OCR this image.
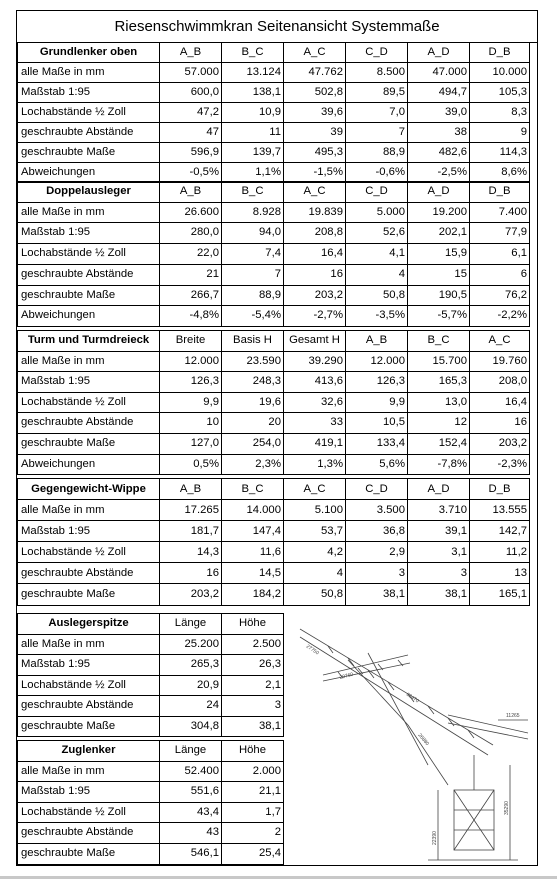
Riesenschwimmkran Seitenansicht Systemmaße
Grundlenker oben	A_B	B_C	A_C	C_D	A_D	D_B
alle Maße in mm	57.000	13.124	47.762	8.500	47.000	10.000
Maßstab 1:95	600,0	138,1	502,8	89,5	494,7	105,3
Lochabstände ½ Zoll	47,2	10,9	39,6	7,0	39,0	8,3
geschraubte Abstände	47	11	39	7	38	9
geschraubte Maße	596,9	139,7	495,3	88,9	482,6	114,3
Abweichungen	-0,5%	1,1%	-1,5%	-0,6%	-2,5%	8,6%
Doppelausleger	A_B	B_C	A_C	C_D	A_D	D_B
alle Maße in mm	26.600	8.928	19.839	5.000	19.200	7.400
Maßstab 1:95	280,0	94,0	208,8	52,6	202,1	77,9
Lochabstände ½ Zoll	22,0	7,4	16,4	4,1	15,9	6,1
geschraubte Abstände	21	7	16	4	15	6
geschraubte Maße	266,7	88,9	203,2	50,8	190,5	76,2
Abweichungen	-4,8%	-5,4%	-2,7%	-3,5%	-5,7%	-2,2%
Turm und Turmdreieck	Breite	Basis H	Gesamt H	A_B	B_C	A_C
alle Maße in mm	12.000	23.590	39.290	12.000	15.700	19.760
Maßstab 1:95	126,3	248,3	413,6	126,3	165,3	208,0
Lochabstände ½ Zoll	9,9	19,6	32,6	9,9	13,0	16,4
geschraubte Abstände	10	20	33	10,5	12	16
geschraubte Maße	127,0	254,0	419,1	133,4	152,4	203,2
Abweichungen	0,5%	2,3%	1,3%	5,6%	-7,8%	-2,3%
Gegengewicht-Wippe	A_B	B_C	A_C	C_D	A_D	D_B
alle Maße in mm	17.265	14.000	5.100	3.500	3.710	13.555
Maßstab 1:95	181,7	147,4	53,7	36,8	39,1	142,7
Lochabstände ½ Zoll	14,3	11,6	4,2	2,9	3,1	11,2
geschraubte Abstände	16	14,5	4	3	3	13
geschraubte Maße	203,2	184,2	50,8	38,1	38,1	165,1
Auslegerspitze	Länge	Höhe
alle Maße in mm	25.200	2.500
Maßstab 1:95	265,3	26,3
Lochabstände ½ Zoll	20,9	2,1
geschraubte Abstände	24	3
geschraubte Maße	304,8	38,1
Zuglenker	Länge	Höhe
alle Maße in mm	52.400	2.000
Maßstab 1:95	551,6	21,1
Lochabstände ½ Zoll	43,4	1,7
geschraubte Abstände	43	2
geschraubte Maße	546,1	25,4
27750
20760
62470
11265
26880
22390
35290
